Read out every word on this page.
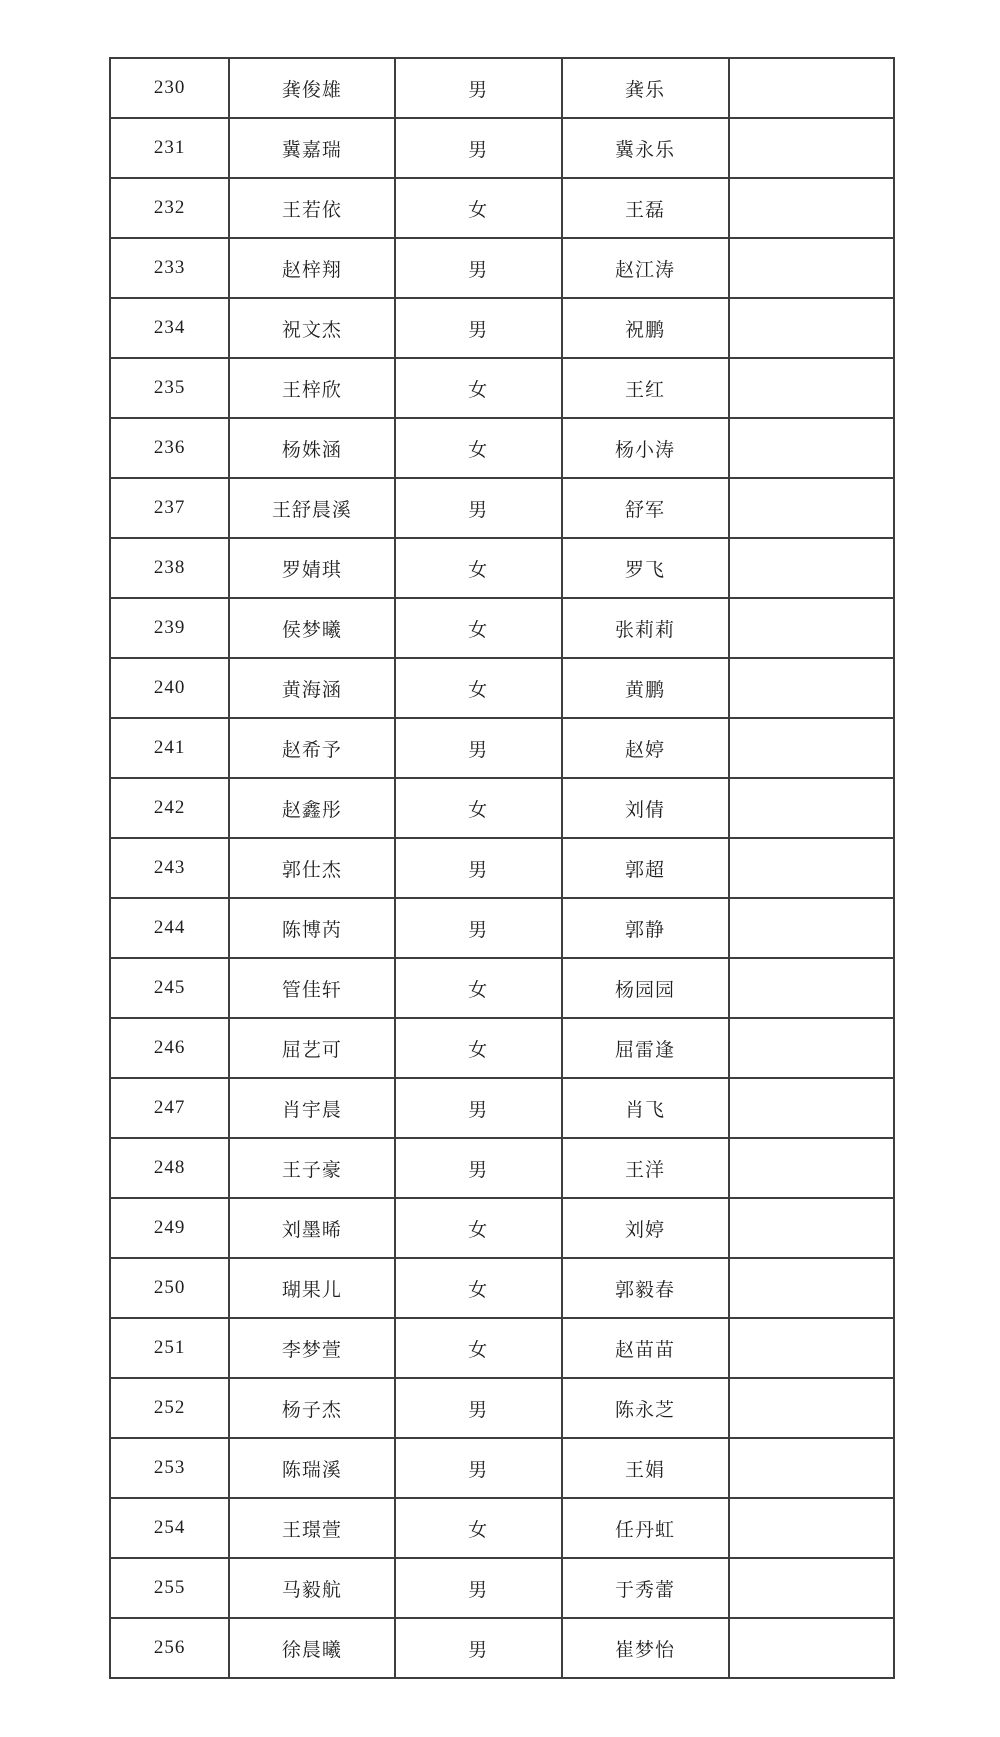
230	龚俊雄	男	龚乐	
231	冀嘉瑞	男	冀永乐	
232	王若依	女	王磊	
233	赵梓翔	男	赵江涛	
234	祝文杰	男	祝鹏	
235	王梓欣	女	王红	
236	杨姝涵	女	杨小涛	
237	王舒晨溪	男	舒军	
238	罗婧琪	女	罗飞	
239	侯梦曦	女	张莉莉	
240	黄海涵	女	黄鹏	
241	赵希予	男	赵婷	
242	赵鑫彤	女	刘倩	
243	郭仕杰	男	郭超	
244	陈博芮	男	郭静	
245	管佳轩	女	杨园园	
246	屈艺可	女	屈雷逢	
247	肖宇晨	男	肖飞	
248	王子豪	男	王洋	
249	刘墨晞	女	刘婷	
250	瑚果儿	女	郭毅春	
251	李梦萱	女	赵苗苗	
252	杨子杰	男	陈永芝	
253	陈瑞溪	男	王娟	
254	王璟萱	女	任丹虹	
255	马毅航	男	于秀蕾	
256	徐晨曦	男	崔梦怡	
